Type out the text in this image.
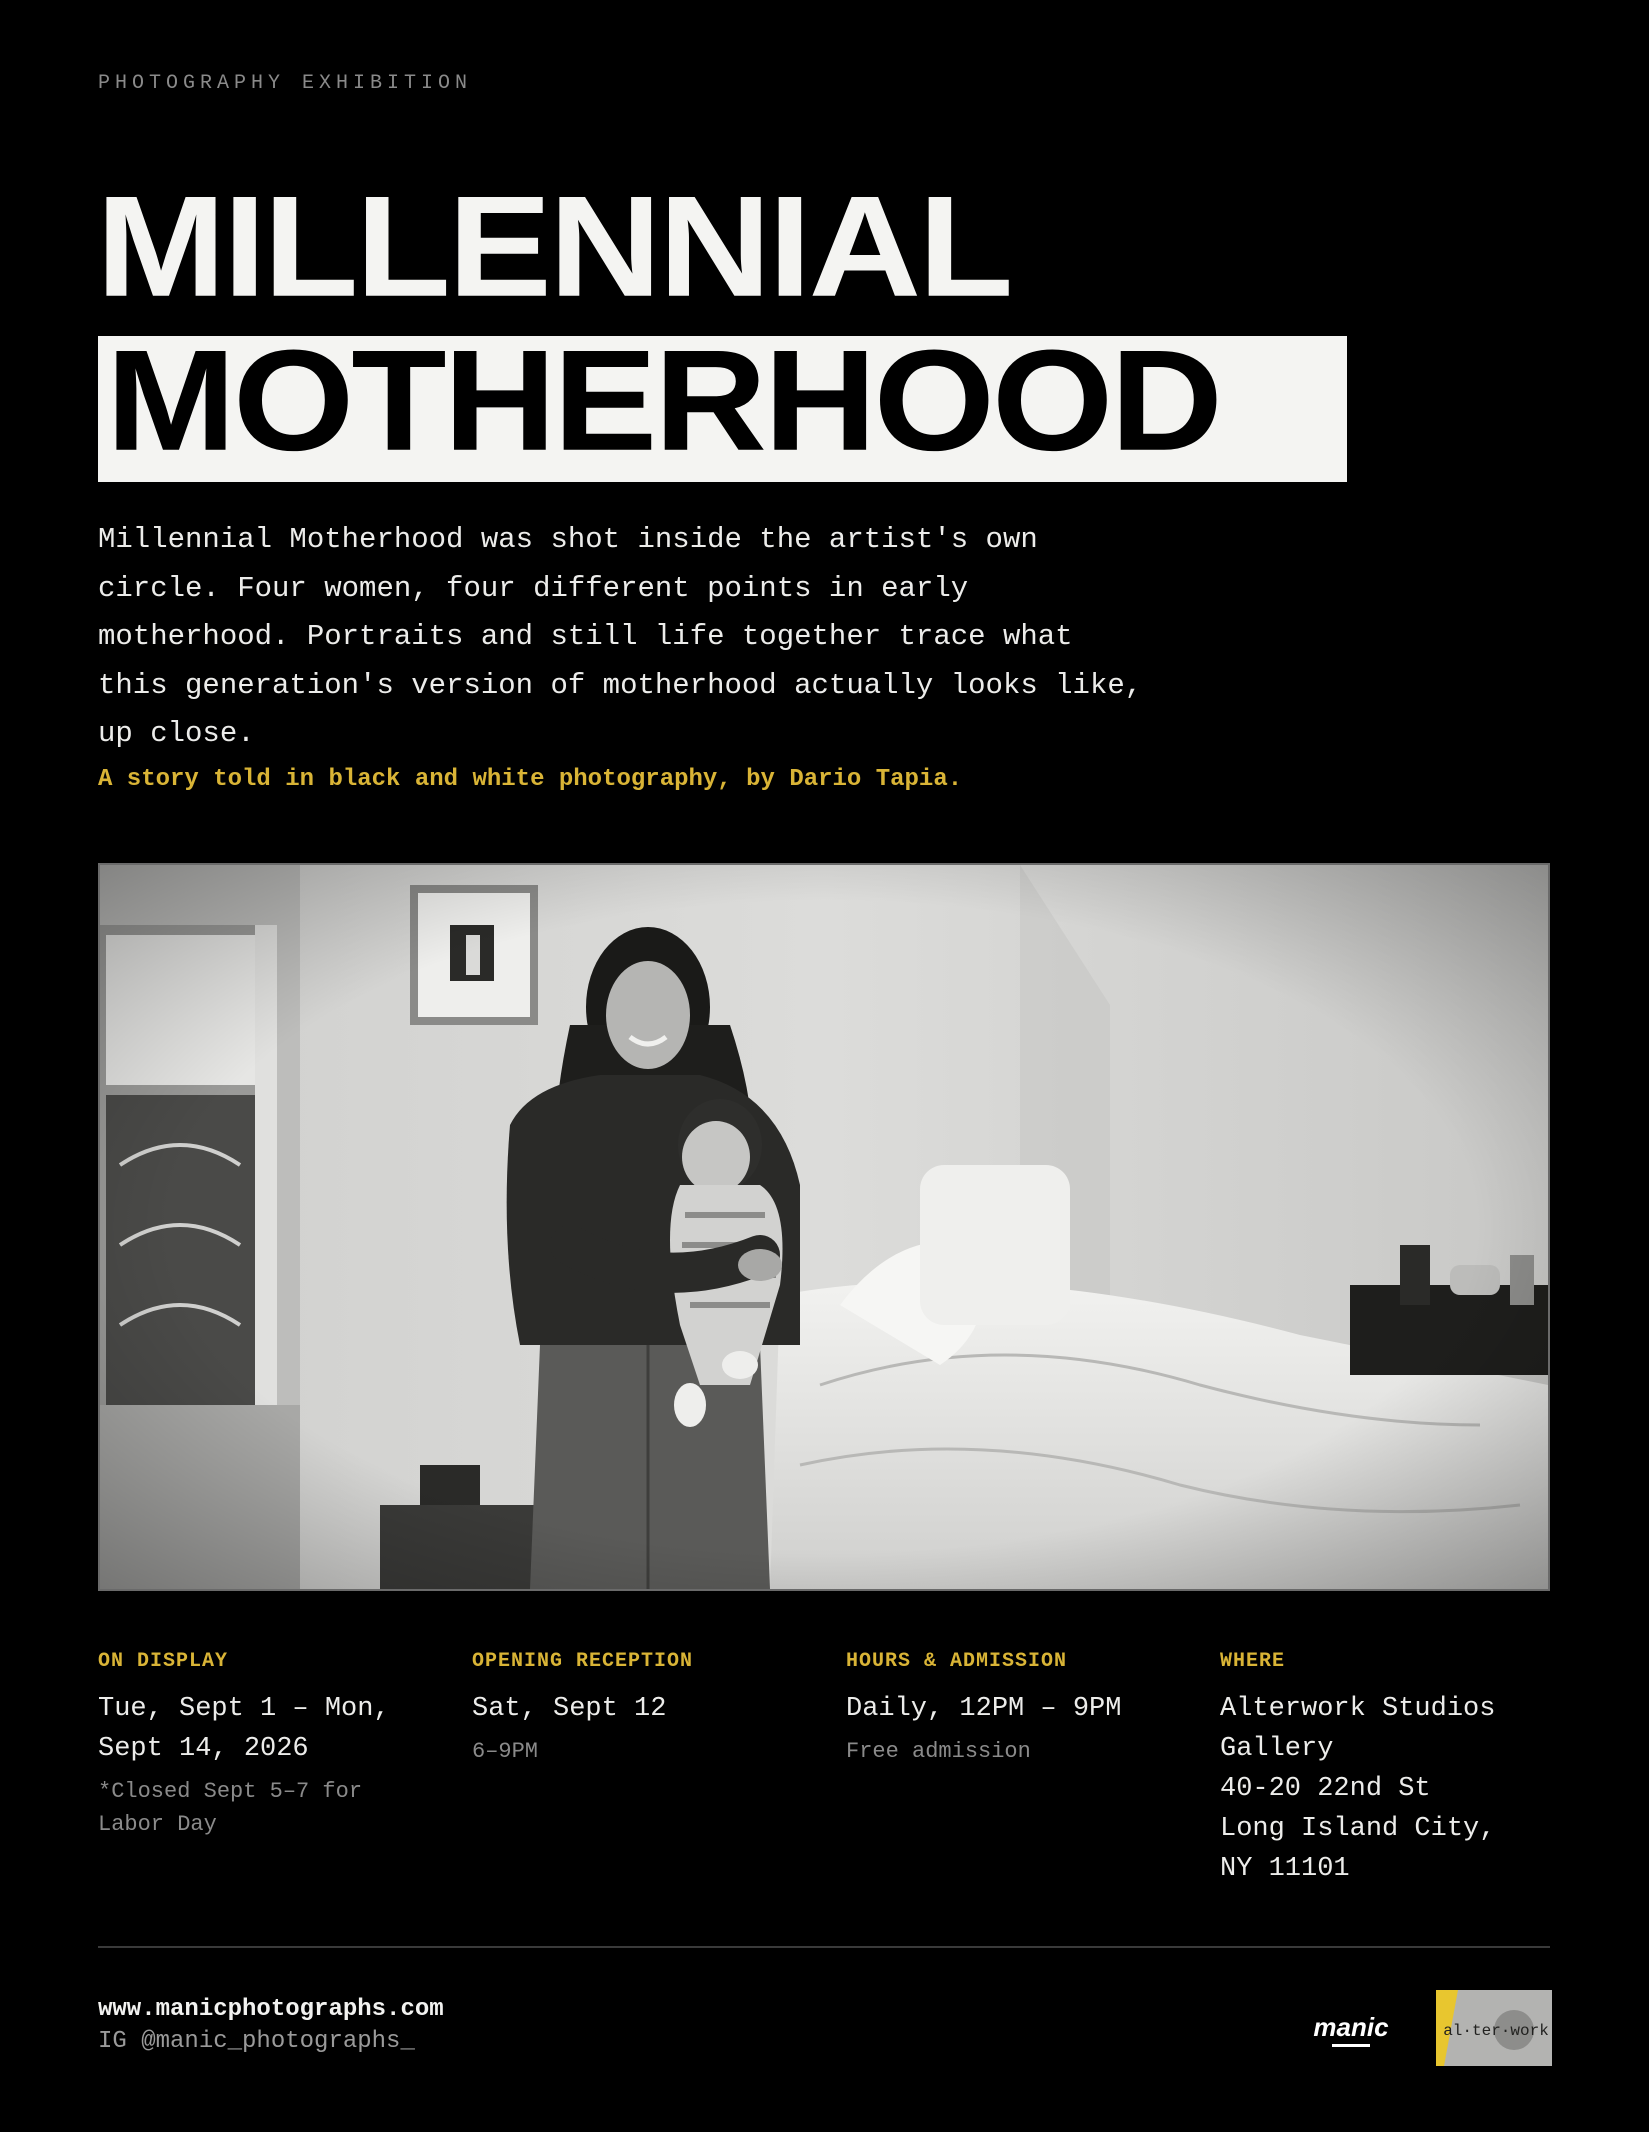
PHOTOGRAPHY EXHIBITION
MILLENNIAL
MOTHERHOOD
Millennial Motherhood was shot inside the artist's own
circle. Four women, four different points in early
motherhood. Portraits and still life together trace what
this generation's version of motherhood actually looks like,
up close.
A story told in black and white photography, by Dario Tapia.
ON DISPLAY
Tue, Sept 1 – Mon,
Sept 14, 2026
*Closed Sept 5–7 for
Labor Day
OPENING RECEPTION
Sat, Sept 12
6–9PM
HOURS & ADMISSION
Daily, 12PM – 9PM
Free admission
WHERE
Alterwork Studios
Gallery
40-20 22nd St
Long Island City,
NY 11101
www.manicphotographs.com
IG @manic_photographs_	manic	al·ter·work
